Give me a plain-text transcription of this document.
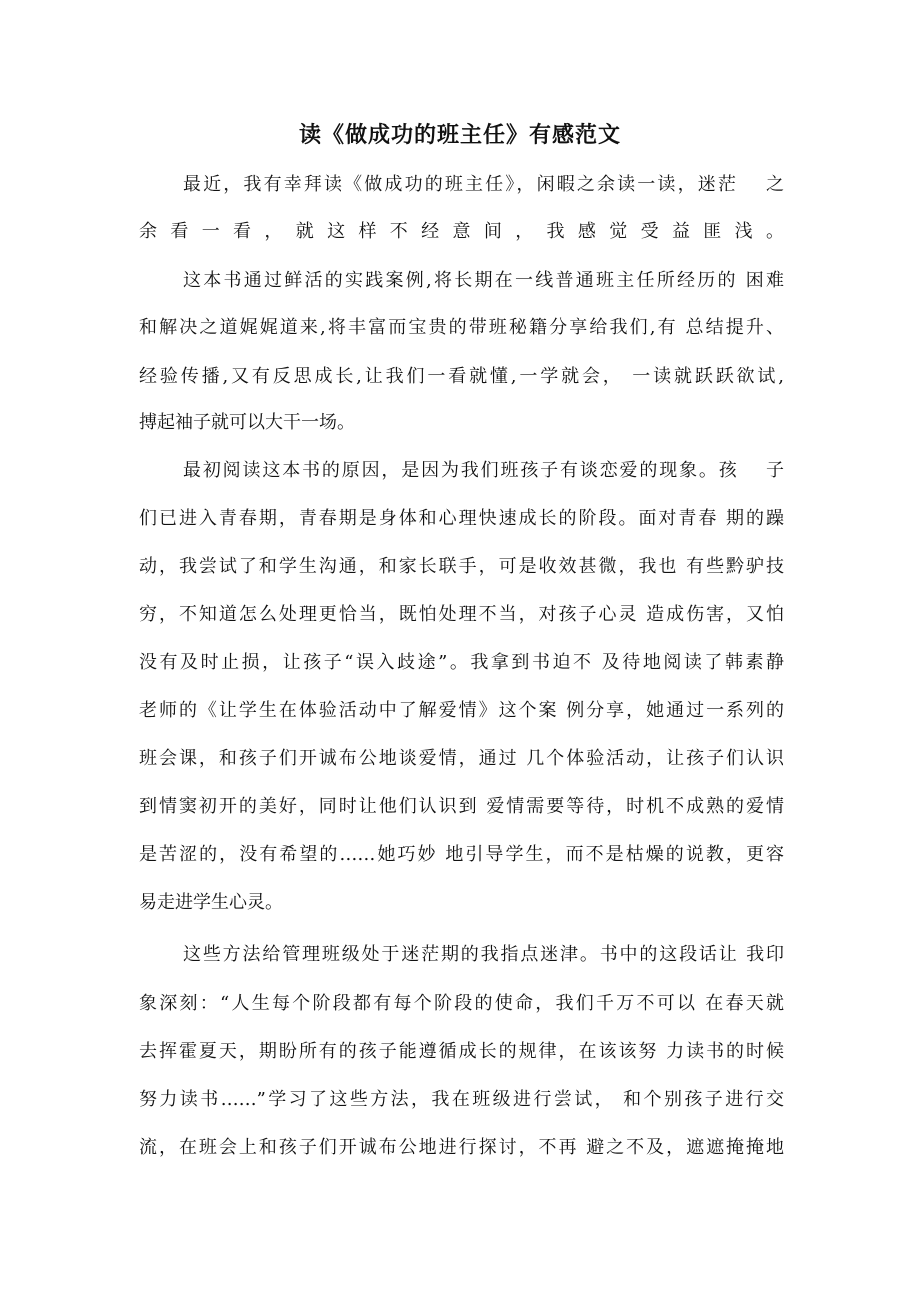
读《做成功的班主任》有感范文

最近，我有幸拜读《做成功的班主任》，闲暇之余读一读，迷茫　 之

余看一看，就这样不经意间，我感觉受益匪浅。

这本书通过鲜活的实践案例,将长期在一线普通班主任所经历的 困难

和解决之道娓娓道来,将丰富而宝贵的带班秘籍分享给我们,有 总结提升、

经验传播,又有反思成长,让我们一看就懂,一学就会， 一读就跃跃欲试,

搏起袖子就可以大干一场。

最初阅读这本书的原因，是因为我们班孩子有谈恋爱的现象。孩　 子

们已进入青春期，青春期是身体和心理快速成长的阶段。面对青春 期的躁

动，我尝试了和学生沟通，和家长联手，可是收效甚微，我也 有些黔驴技

穷，不知道怎么处理更恰当，既怕处理不当，对孩子心灵 造成伤害，又怕

没有及时止损，让孩子“误入歧途”。我拿到书迫不 及待地阅读了韩素静

老师的《让学生在体验活动中了解爱情》这个案 例分享，她通过一系列的

班会课，和孩子们开诚布公地谈爱情，通过 几个体验活动，让孩子们认识

到情窦初开的美好，同时让他们认识到 爱情需要等待，时机不成熟的爱情

是苦涩的，没有希望的……她巧妙 地引导学生，而不是枯燥的说教，更容

易走进学生心灵。

这些方法给管理班级处于迷茫期的我指点迷津。书中的这段话让 我印

象深刻：“人生每个阶段都有每个阶段的使命，我们千万不可以 在春天就

去挥霍夏天，期盼所有的孩子能遵循成长的规律，在该该努 力读书的时候

努力读书……”学习了这些方法，我在班级进行尝试， 和个别孩子进行交

流，在班会上和孩子们开诚布公地进行探讨，不再 避之不及，遮遮掩掩地
